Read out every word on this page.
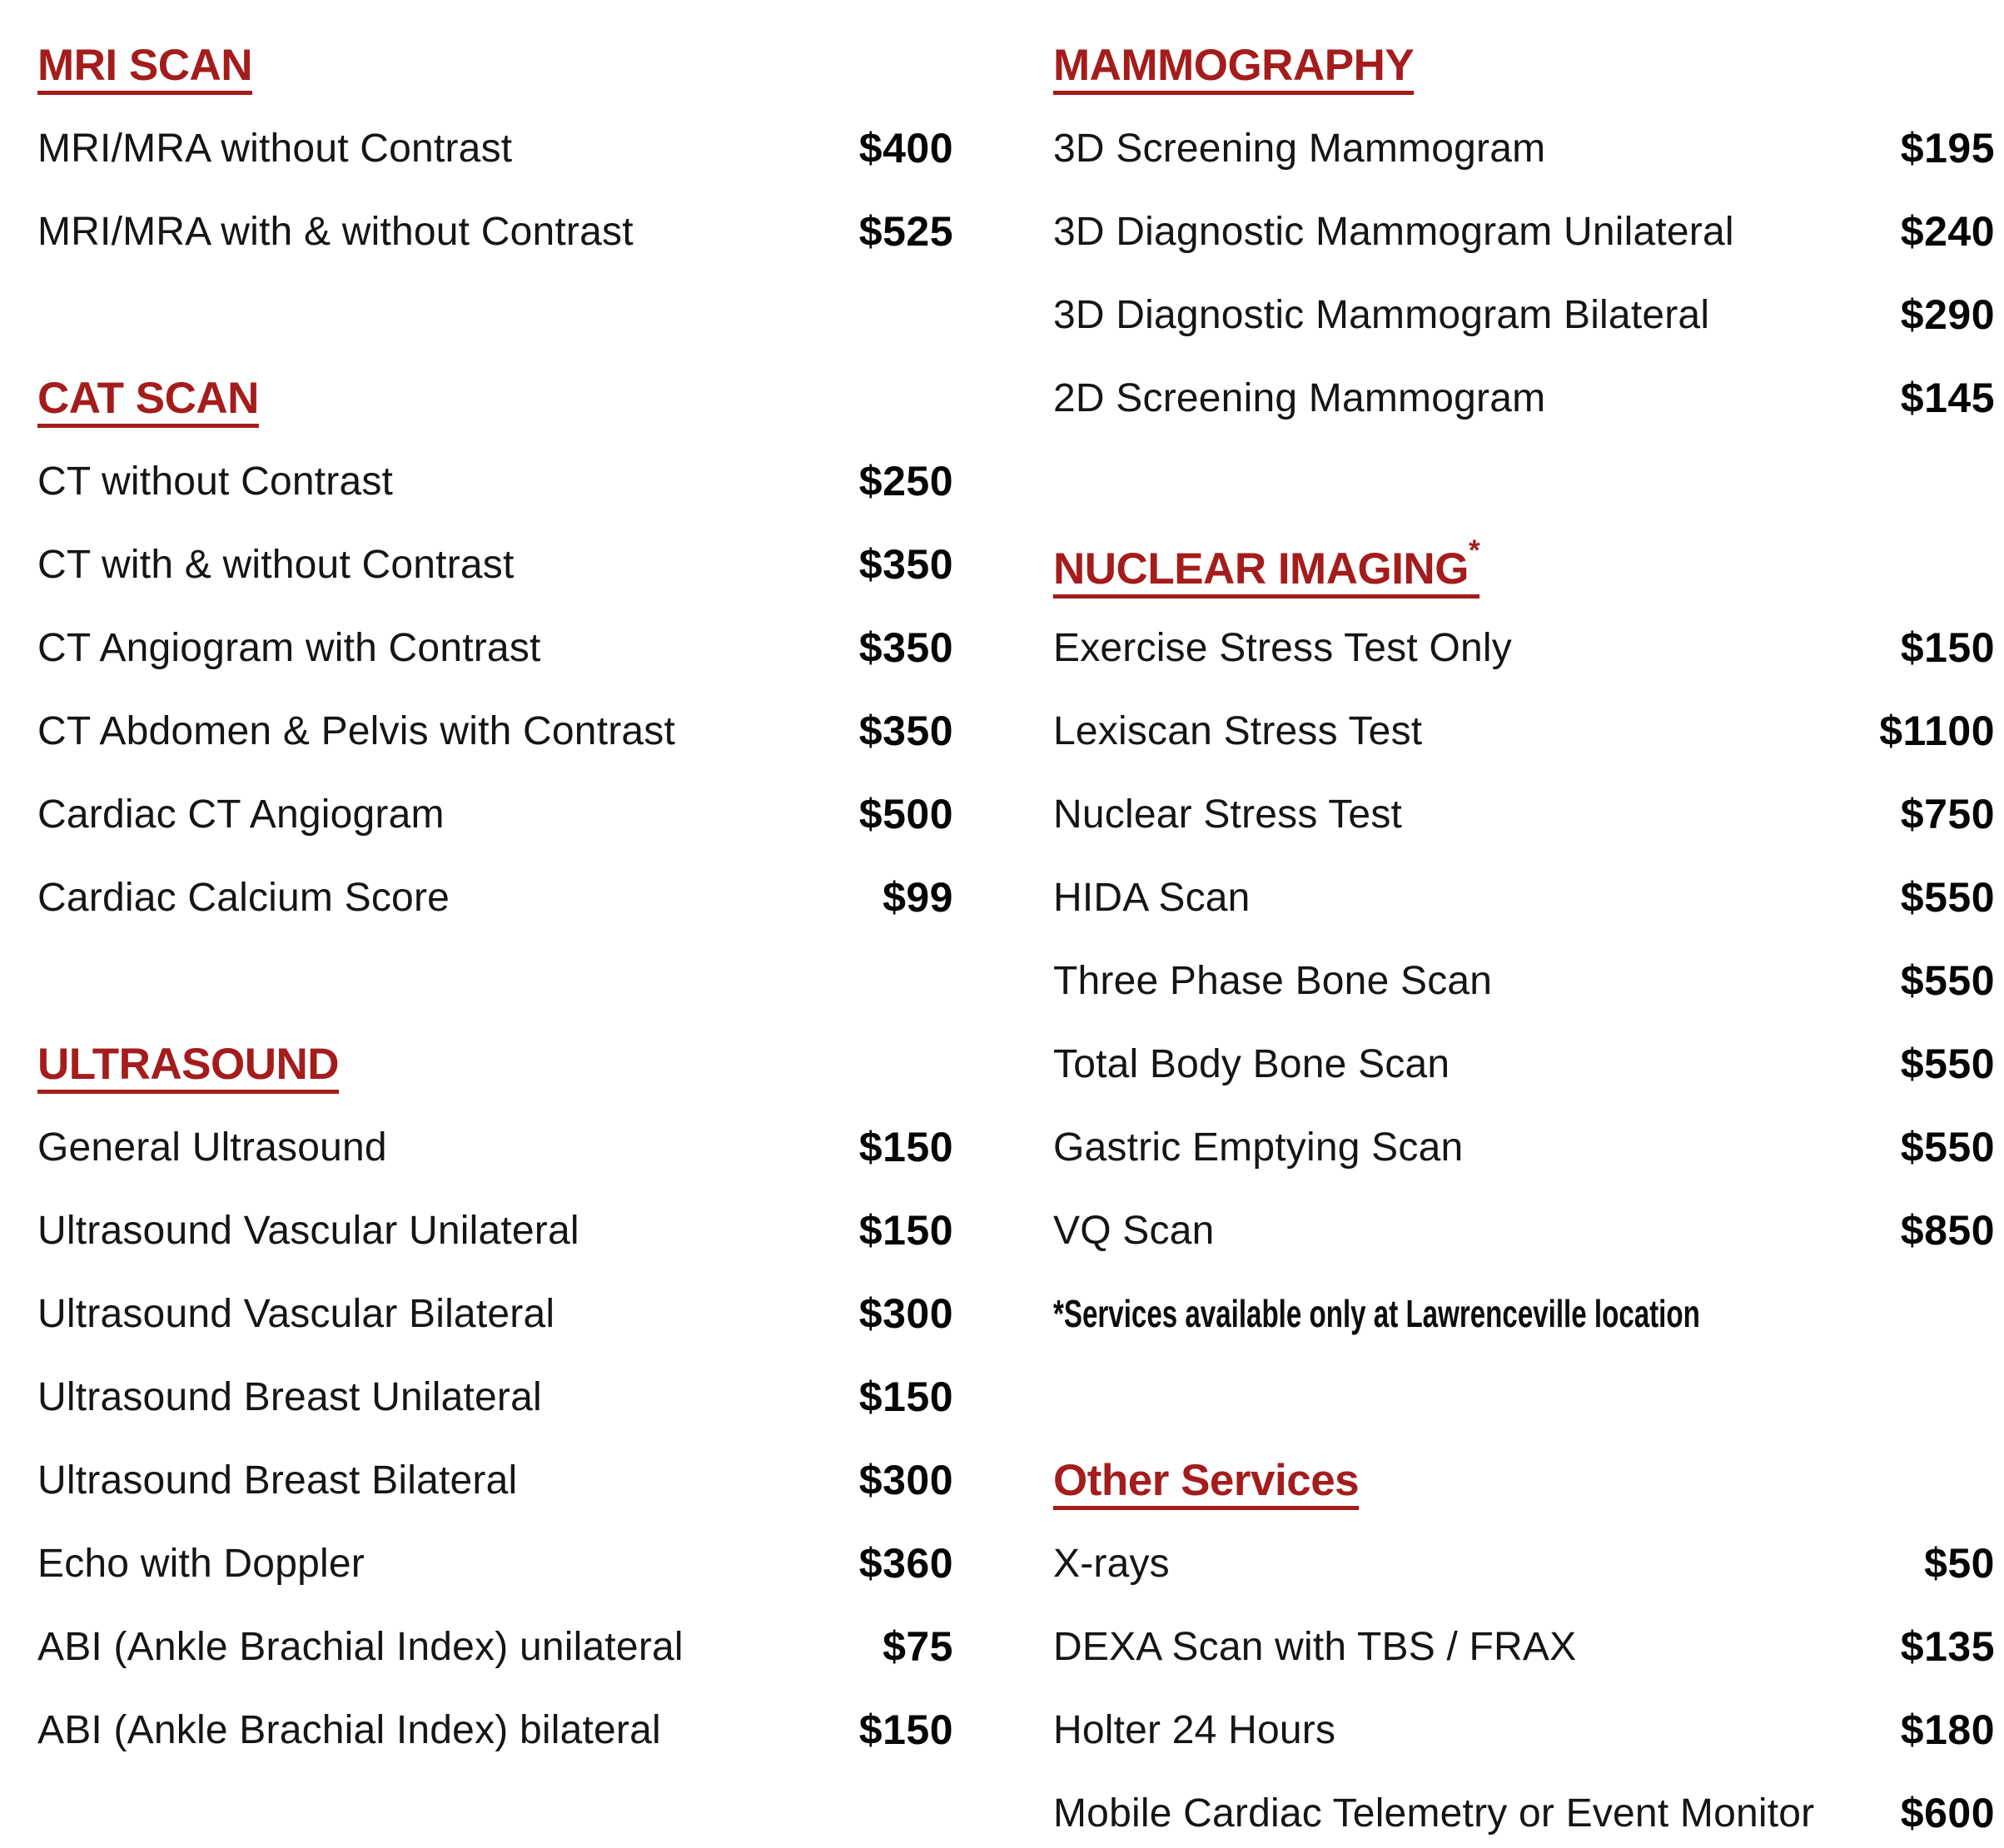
MRI SCAN
MRI/MRA without Contrast	$400
MRI/MRA with & without Contrast	$525
CAT SCAN
CT without Contrast	$250
CT with & without Contrast	$350
CT Angiogram with Contrast	$350
CT Abdomen & Pelvis with Contrast	$350
Cardiac CT Angiogram	$500
Cardiac Calcium Score	$99
ULTRASOUND
General Ultrasound	$150
Ultrasound Vascular Unilateral	$150
Ultrasound Vascular Bilateral	$300
Ultrasound Breast Unilateral	$150
Ultrasound Breast Bilateral	$300
Echo with Doppler	$360
ABI (Ankle Brachial Index) unilateral	$75
ABI (Ankle Brachial Index) bilateral	$150
MAMMOGRAPHY
3D Screening Mammogram	$195
3D Diagnostic Mammogram Unilateral	$240
3D Diagnostic Mammogram Bilateral	$290
2D Screening Mammogram	$145
NUCLEAR IMAGING*
Exercise Stress Test Only	$150
Lexiscan Stress Test	$1100
Nuclear Stress Test	$750
HIDA Scan	$550
Three Phase Bone Scan	$550
Total Body Bone Scan	$550
Gastric Emptying Scan	$550
VQ Scan	$850
*Services available only at Lawrenceville location
Other Services
X-rays	$50
DEXA Scan with TBS / FRAX	$135
Holter 24 Hours	$180
Mobile Cardiac Telemetry or Event Monitor $600
